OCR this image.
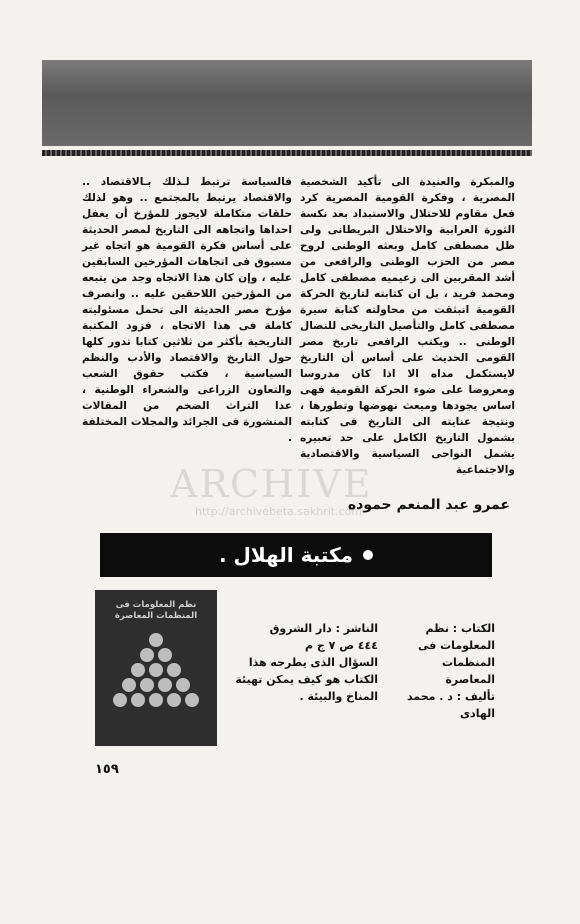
والمبكرة والعنيدة الى تأكيد الشخصية المصرية ، وفكرة القومية المصرية كرد فعل مقاوم للاحتلال والاستبداد بعد نكسة الثورة العرابية والاحتلال البريطانى ولى ظل مصطفى كامل وبعثه الوطنى لروح مصر من الحزب الوطنى والرافعى من أشد المقربين الى زعيميه مصطفى كامل ومحمد فريد ، بل ان كتابته لتاريخ الحركة القومية انبثقت من محاولته كتابة سيرة مصطفى كامل والتأصيل التاريخى للنضال الوطنى .. ويكتب الرافعى تاريخ مصر القومى الحديث على أساس أن التاريخ لايستكمل مداه الا اذا كان مدروسا ومعروضا على ضوء الحركة القومية فهى اساس يجودها وميعث نهوضها وتطورها ، ونتيجة عنايته الى التاريخ فى كتابته بشمول التاريخ الكامل على حد تعبيره يشمل النواحى السياسية والاقتصادية والاجتماعية

فالسياسة ترتبط لـذلك بـالاقتصاد .. والاقتصاد يرتبط بالمجتمع .. وهو لذلك حلقات متكاملة لايجوز للمؤرخ أن يغفل احداها واتجاهه الى التاريخ لمصر الحديثة على أساس فكرة القومية هو اتجاه غير مسبوق فى اتجاهات المؤرخين السابقين عليه ، وإن كان هذا الاتجاه وجد من يتبعه من المؤرخين اللاحقين عليه .. وانصرف مؤرخ مصر الحديثة الى تحمل مسئوليته كاملة فى هذا الاتجاه ، فزود المكتبة التاريخية بأكثر من ثلاثين كتابا تدور كلها حول التاريخ والاقتصاد والأدب والنظم السياسية ، فكتب حقوق الشعب والتعاون الزراعى والشعراء الوطنية ، عدا التراث الضخم من المقالات المنشورة فى الجرائد والمجلات المختلفة .

ARCHIVE
http://archivebeta.sakhrit.com
عمرو عبد المنعم حموده
مكتبة الهلال .
نظم المعلومات فى المنظمات المعاصرة

الكتاب : نظم المعلومات فى المنظمات المعاصرة

تأليف : د . محمد الهادى

الناشر : دار الشروق

٤٤٤ ص ٧ ج م

السؤال الذى يطرحه هذا الكتاب هو كيف يمكن تهيئة المناخ والبيئة .

١٥٩
